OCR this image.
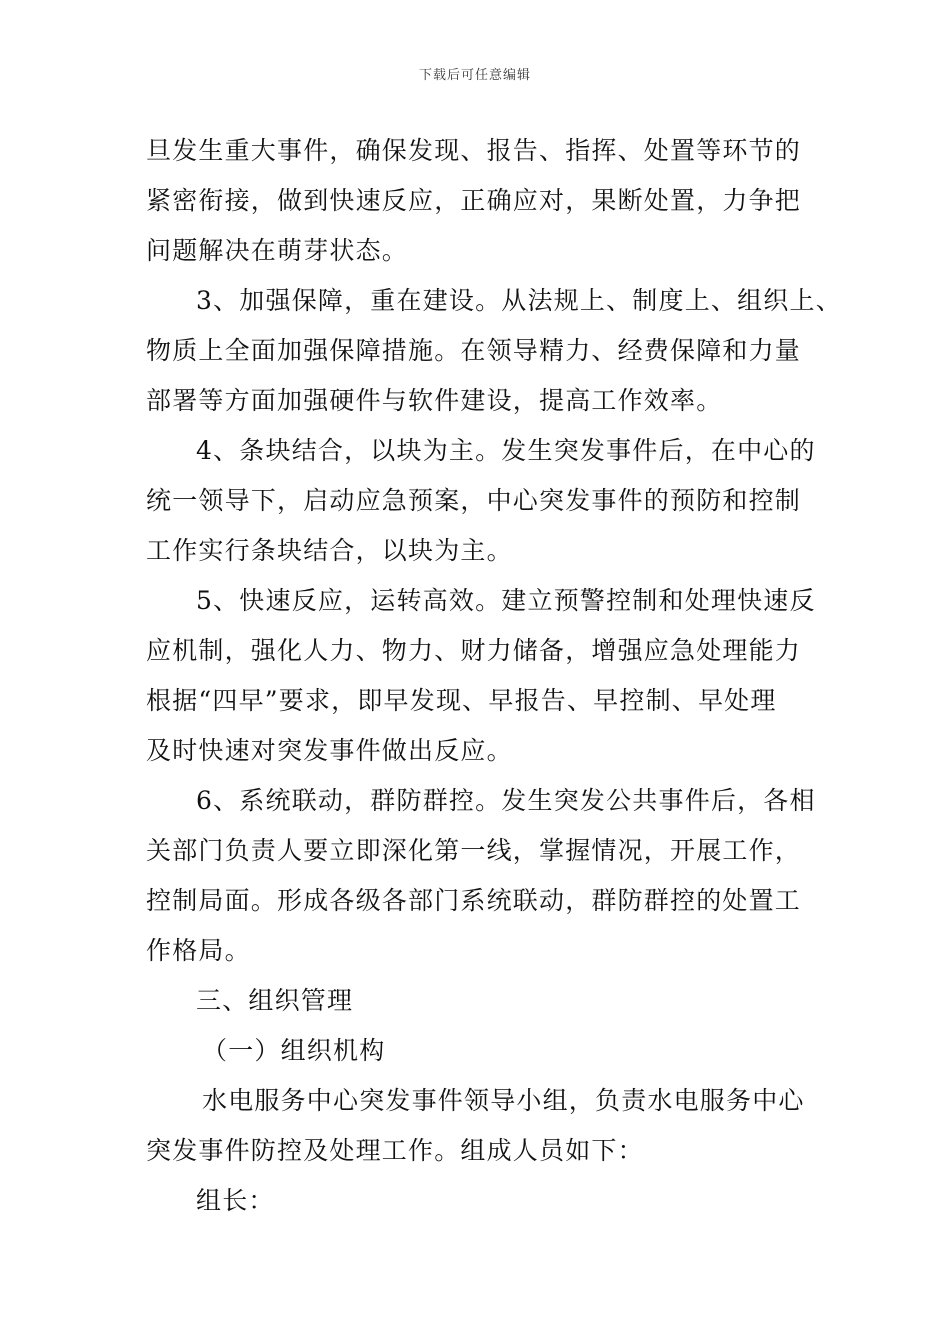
下载后可任意编辑
旦发生重大事件，确保发现、报告、指挥、处置等环节的
紧密衔接，做到快速反应，正确应对，果断处置，力争把
问题解决在萌芽状态。
3、加强保障，重在建设。从法规上、制度上、组织上、
物质上全面加强保障措施。在领导精力、经费保障和力量
部署等方面加强硬件与软件建设，提高工作效率。
4、条块结合，以块为主。发生突发事件后，在中心的
统一领导下，启动应急预案，中心突发事件的预防和控制
工作实行条块结合，以块为主。
5、快速反应，运转高效。建立预警控制和处理快速反
应机制，强化人力、物力、财力储备，增强应急处理能力
根据“四早”要求，即早发现、早报告、早控制、早处理
及时快速对突发事件做出反应。
6、系统联动，群防群控。发生突发公共事件后，各相
关部门负责人要立即深化第一线，掌握情况，开展工作，
控制局面。形成各级各部门系统联动，群防群控的处置工
作格局。
三、组织管理
（一）组织机构
水电服务中心突发事件领导小组，负责水电服务中心
突发事件防控及处理工作。组成人员如下：
组长：
